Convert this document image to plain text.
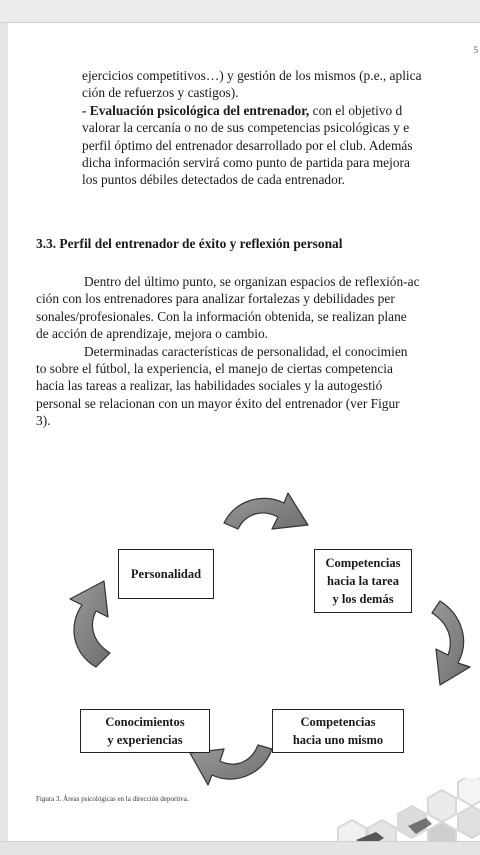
5
ejercicios competitivos…) y gestión de los mismos (p.e., aplica
ción de refuerzos y castigos).
- Evaluación psicológica del entrenador, con el objetivo d
valorar la cercanía o no de sus competencias psicológicas y e
perfil óptimo del entrenador desarrollado por el club. Además
dicha información servirá como punto de partida para mejora
los puntos débiles detectados de cada entrenador.
3.3. Perfil del entrenador de éxito y reflexión personal
Dentro del último punto, se organizan espacios de reflexión-ac
ción con los entrenadores para analizar fortalezas y debilidades per
sonales/profesionales. Con la información obtenida, se realizan plane
de acción de aprendizaje, mejora o cambio.
Determinadas características de personalidad, el conocimien
to sobre el fútbol, la experiencia, el manejo de ciertas competencia
hacia las tareas a realizar, las habilidades sociales y la autogestió
personal se relacionan con un mayor éxito del entrenador (ver Figur
3).
Personalidad
Competencias
hacia la tarea
y los demás
Competencias
hacia uno mismo
Conocimientos
y experiencias
Figura 3. Áreas psicológicas en la dirección deportiva.
